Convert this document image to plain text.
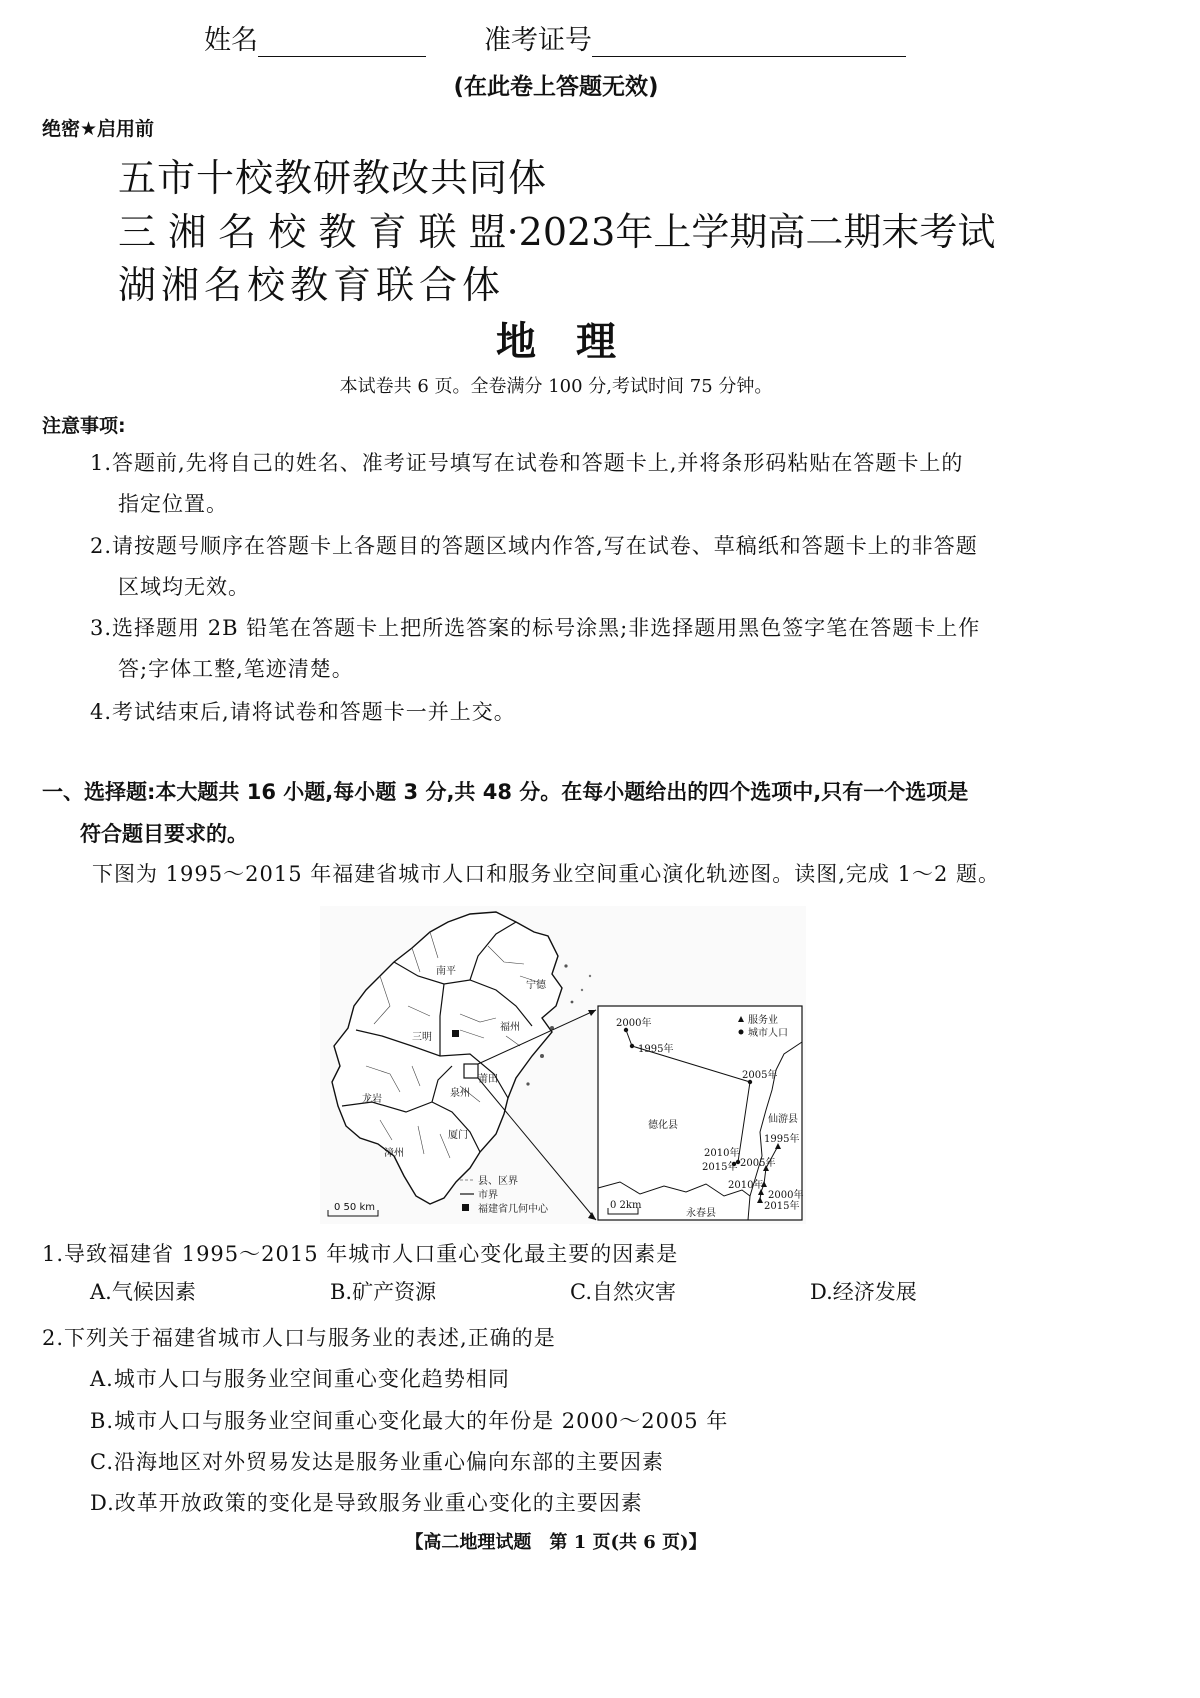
姓名	准考证号
(在此卷上答题无效)
绝密★启用前
五市十校教研教改共同体
三 湘 名 校 教 育 联 盟·2023年上学期高二期末考试
湖湘名校教育联合体
地　理
本试卷共 6 页。全卷满分 100 分,考试时间 75 分钟。
注意事项:
1.答题前,先将自己的姓名、准考证号填写在试卷和答题卡上,并将条形码粘贴在答题卡上的
指定位置。
2.请按题号顺序在答题卡上各题目的答题区域内作答,写在试卷、草稿纸和答题卡上的非答题
区域均无效。
3.选择题用 2B 铅笔在答题卡上把所选答案的标号涂黑;非选择题用黑色签字笔在答题卡上作
答;字体工整,笔迹清楚。
4.考试结束后,请将试卷和答题卡一并上交。
一、选择题:本大题共 16 小题,每小题 3 分,共 48 分。在每小题给出的四个选项中,只有一个选项是
符合题目要求的。
下图为 1995～2015 年福建省城市人口和服务业空间重心演化轨迹图。读图,完成 1～2 题。
南平
宁德
三明
福州
龙岩
泉州
莆田
厦门
漳州
县、区界
市界
福建省几何中心
0 50 km
服务业
城市人口
德化县
仙游县
永春县
2000年
1995年
2005年
2010年
2015年
1995年
2005年
2010年
2000年
2015年
0 2km
1.导致福建省 1995～2015 年城市人口重心变化最主要的因素是
A.气候因素	B.矿产资源	C.自然灾害	D.经济发展
2.下列关于福建省城市人口与服务业的表述,正确的是
A.城市人口与服务业空间重心变化趋势相同
B.城市人口与服务业空间重心变化最大的年份是 2000～2005 年
C.沿海地区对外贸易发达是服务业重心偏向东部的主要因素
D.改革开放政策的变化是导致服务业重心变化的主要因素
【高二地理试题　第 1 页(共 6 页)】
